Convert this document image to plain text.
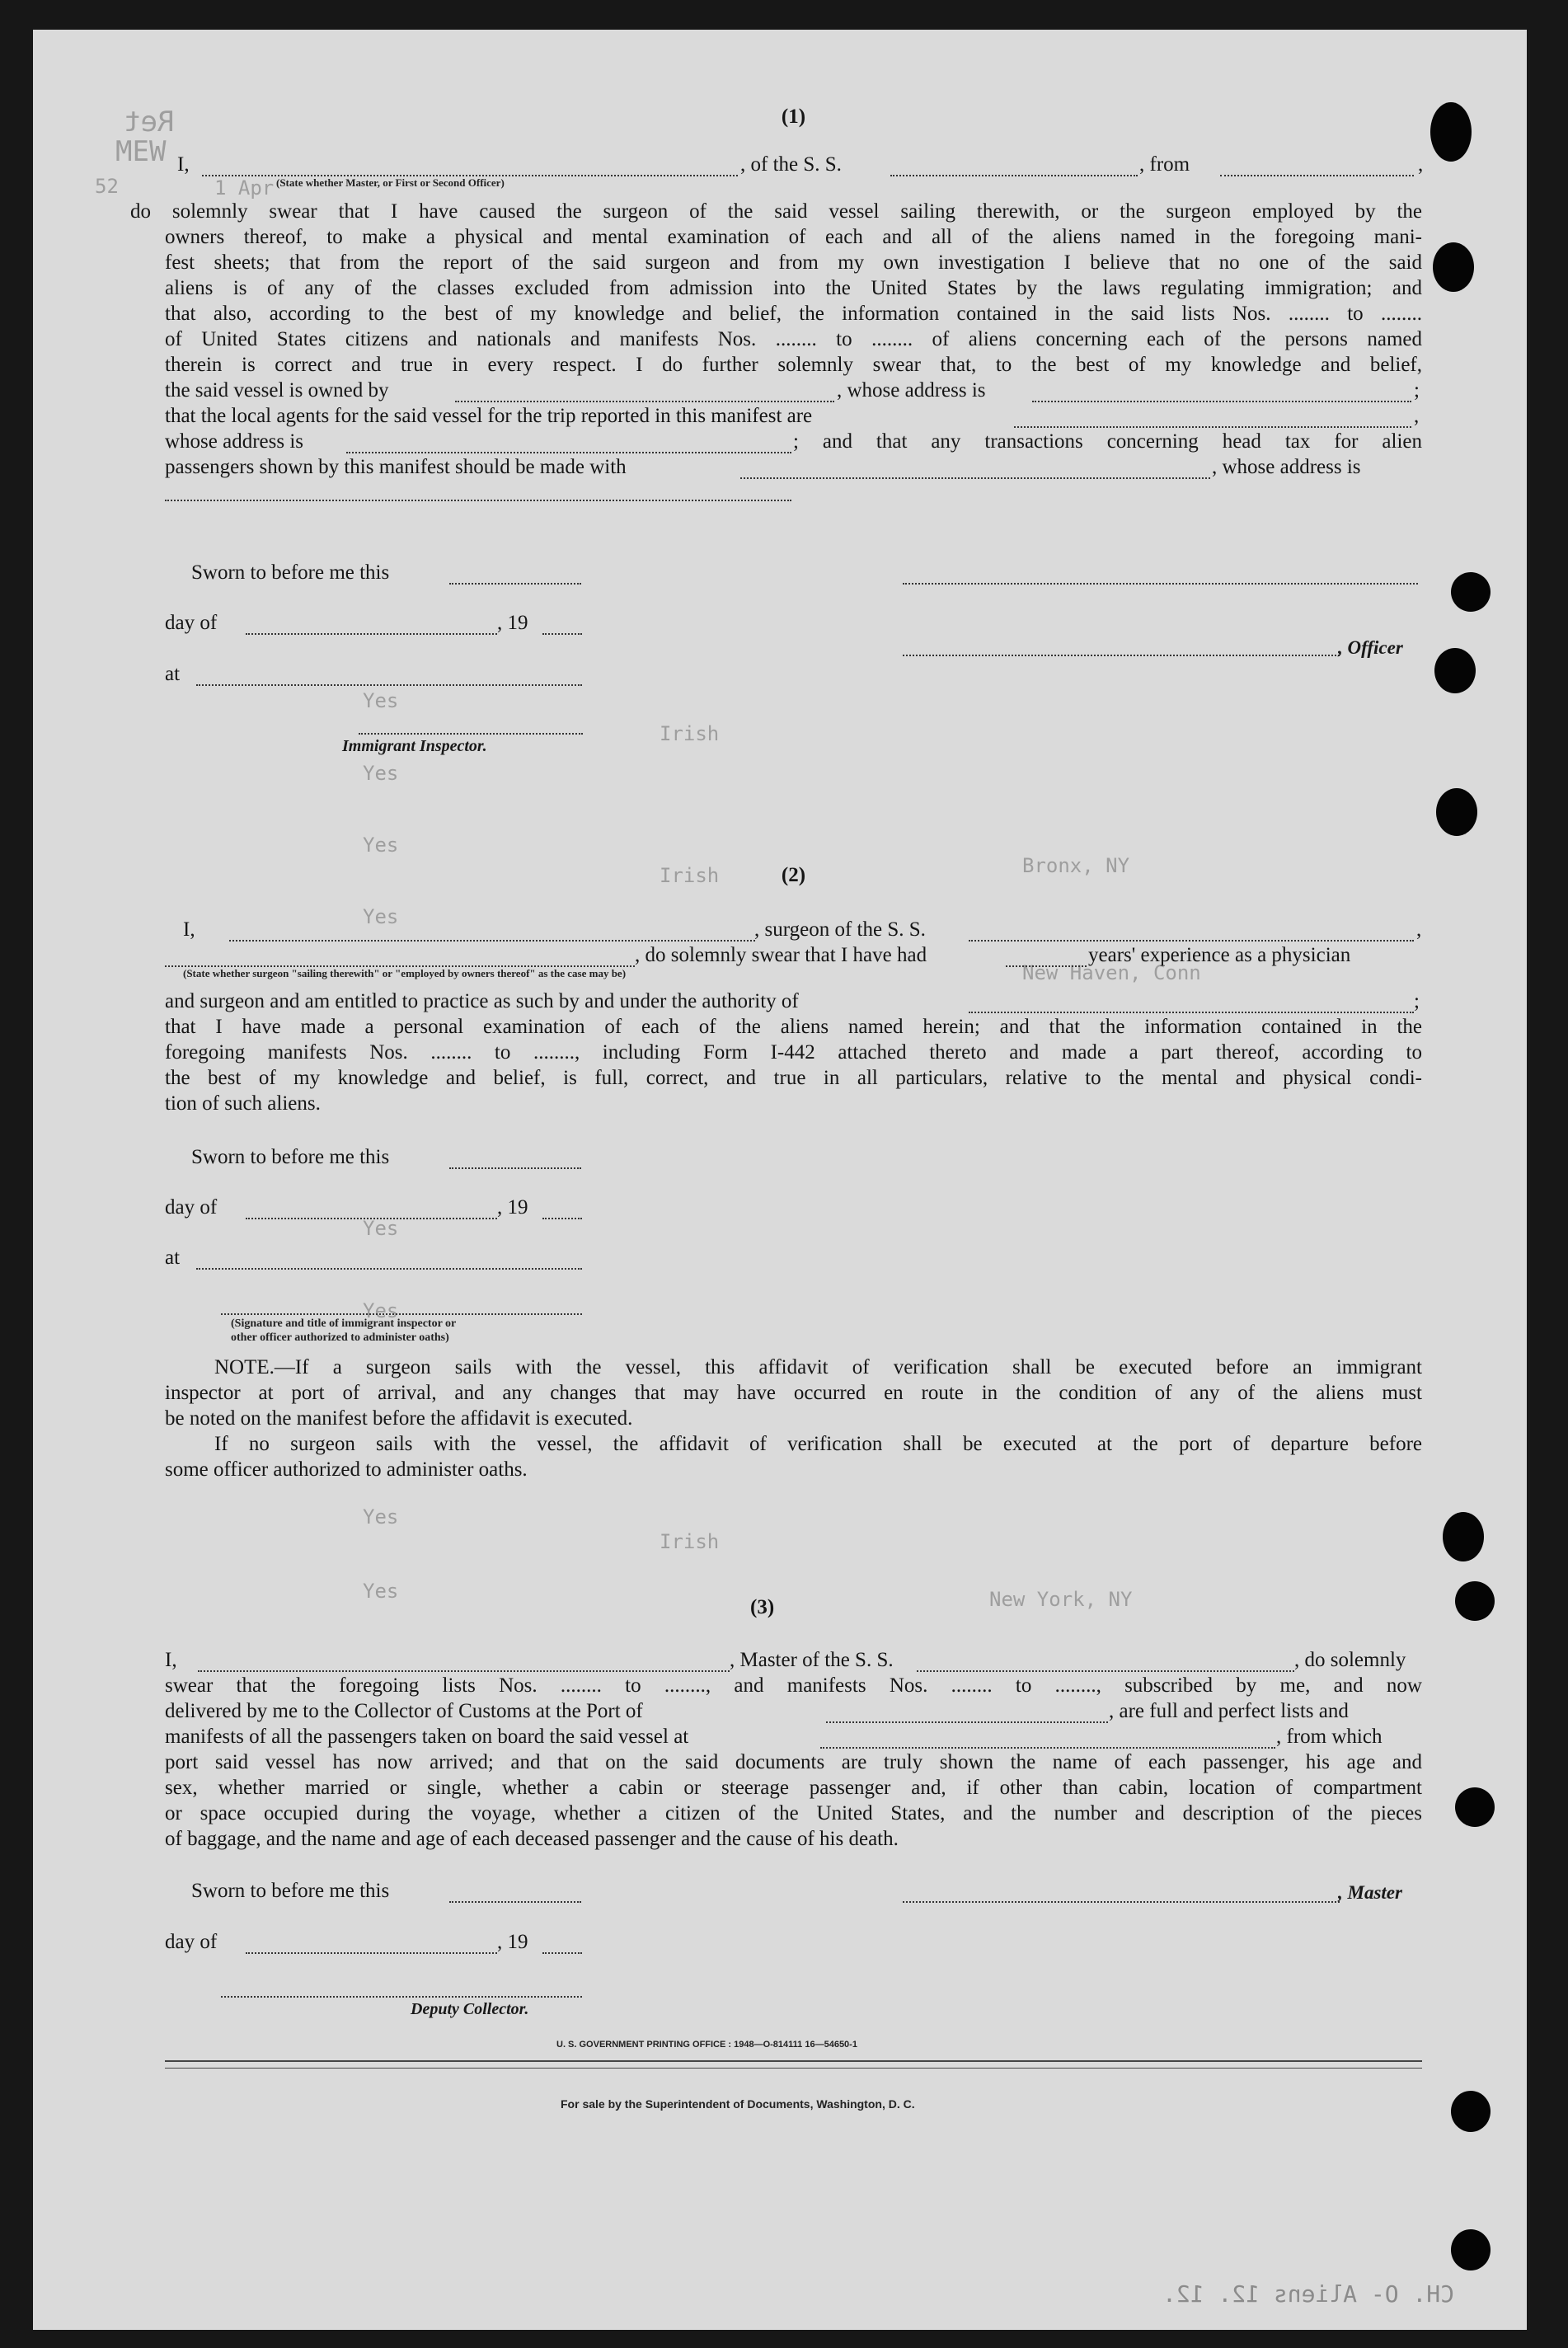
Ret
MEW
52	1 Apr
Yes
Yes
Yes
Yes
Yes
Yes
Yes
Yes
Irish
Irish
Irish
Bronx, NY
New Haven, Conn
New York, NY
CH. O- Aliens 12. 12.
(1)
I,	, of the S. S.	, from	,
(State whether Master, or First or Second Officer)
do solemnly swear that I have caused the surgeon of the said vessel sailing therewith, or the surgeon employed by the
owners thereof, to make a physical and mental examination of each and all of the aliens named in the foregoing mani-
fest sheets; that from the report of the said surgeon and from my own investigation I believe that no one of the said
aliens is of any of the classes excluded from admission into the United States by the laws regulating immigration; and
that also, according to the best of my knowledge and belief, the information contained in the said lists Nos. ........ to ........
of United States citizens and nationals and manifests Nos. ........ to ........ of aliens concerning each of the persons named
therein is correct and true in every respect. I do further solemnly swear that, to the best of my knowledge and belief,
the said vessel is owned by	, whose address is	;
that the local agents for the said vessel for the trip reported in this manifest are	,
whose address is	; and that any transactions concerning head tax for alien
passengers shown by this manifest should be made with	, whose address is
Sworn to before me this
day of	, 19
, Officer
at
Immigrant Inspector.
(2)
I,	, surgeon of the S. S.	,
, do solemnly swear that I have had	years' experience as a physician
(State whether surgeon "sailing therewith" or "employed by owners thereof" as the case may be)
and surgeon and am entitled to practice as such by and under the authority of	;
that I have made a personal examination of each of the aliens named herein; and that the information contained in the
foregoing manifests Nos. ........ to ........, including Form I-442 attached thereto and made a part thereof, according to
the best of my knowledge and belief, is full, correct, and true in all particulars, relative to the mental and physical condi-
tion of such aliens.
Sworn to before me this
day of	, 19
at
(Signature and title of immigrant inspector or
other officer authorized to administer oaths)
NOTE.—If a surgeon sails with the vessel, this affidavit of verification shall be executed before an immigrant
inspector at port of arrival, and any changes that may have occurred en route in the condition of any of the aliens must
be noted on the manifest before the affidavit is executed.
If no surgeon sails with the vessel, the affidavit of verification shall be executed at the port of departure before
some officer authorized to administer oaths.
(3)
I,	, Master of the S. S.	, do solemnly
swear that the foregoing lists Nos. ........ to ........, and manifests Nos. ........ to ........, subscribed by me, and now
delivered by me to the Collector of Customs at the Port of	, are full and perfect lists and
manifests of all the passengers taken on board the said vessel at	, from which
port said vessel has now arrived; and that on the said documents are truly shown the name of each passenger, his age and
sex, whether married or single, whether a cabin or steerage passenger and, if other than cabin, location of compartment
or space occupied during the voyage, whether a citizen of the United States, and the number and description of the pieces
of baggage, and the name and age of each deceased passenger and the cause of his death.
Sworn to before me this	, Master
day of	, 19
Deputy Collector.
U. S. GOVERNMENT PRINTING OFFICE : 1948—O-814111 16—54650-1
For sale by the Superintendent of Documents, Washington, D. C.
